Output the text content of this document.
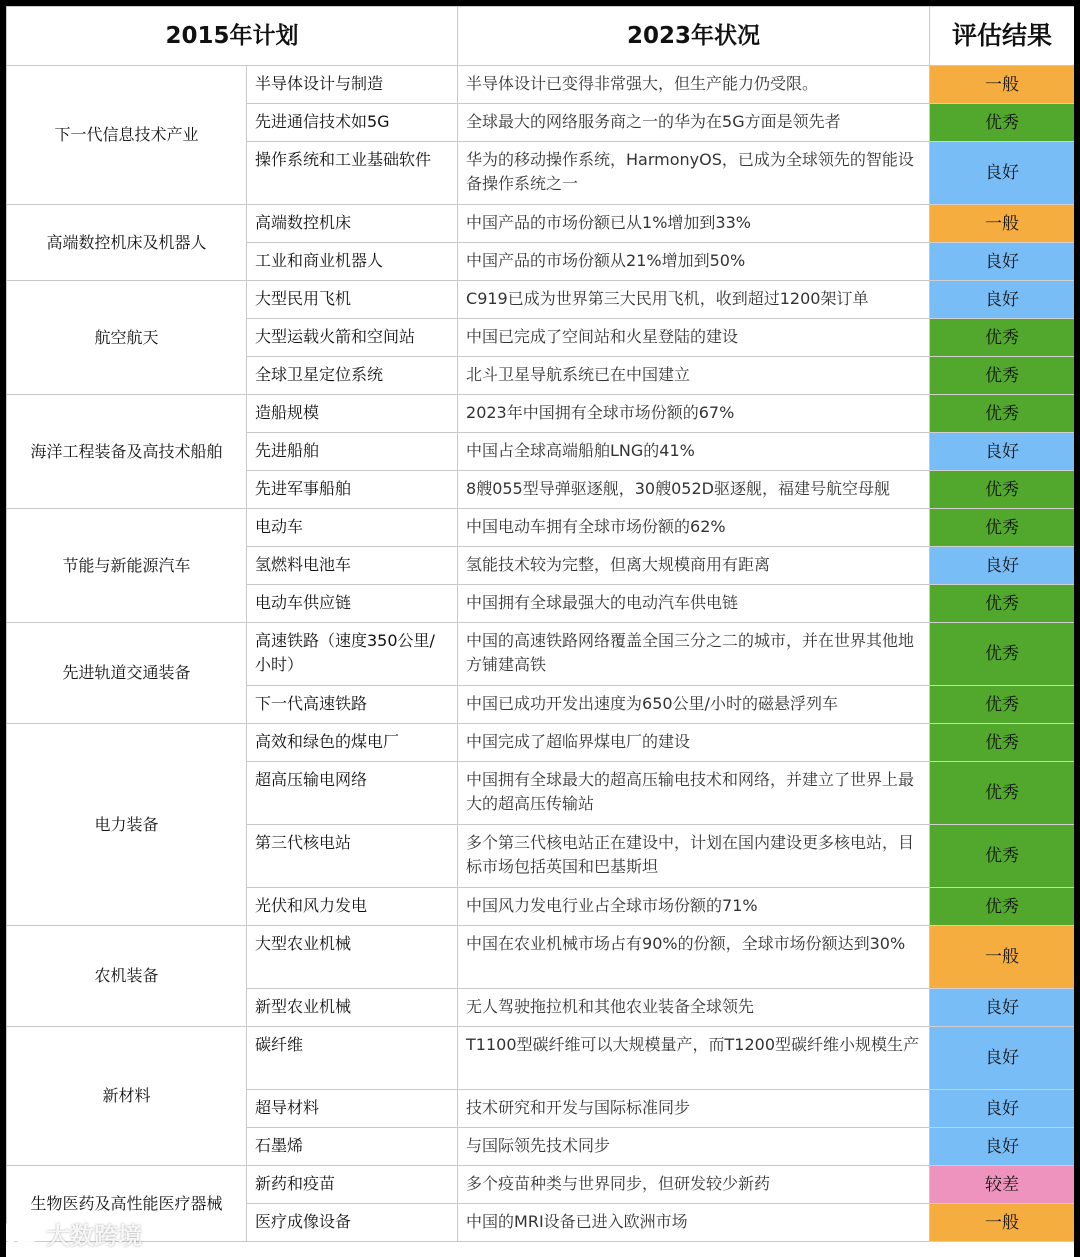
2015年计划		2023年状况	评估结果
下一代信息技术产业	半导体设计与制造	半导体设计已变得非常强大，但生产能力仍受限。	一般
	先进通信技术如5G	全球最大的网络服务商之一的华为在5G方面是领先者	优秀
	操作系统和工业基础软件	华为的移动操作系统，HarmonyOS，已成为全球领先的智能设备操作系统之一	良好
高端数控机床及机器人	高端数控机床	中国产品的市场份额已从1%增加到33%	一般
	工业和商业机器人	中国产品的市场份额从21%增加到50%	良好
航空航天	大型民用飞机	C919已成为世界第三大民用飞机，收到超过1200架订单	良好
	大型运载火箭和空间站	中国已完成了空间站和火星登陆的建设	优秀
	全球卫星定位系统	北斗卫星导航系统已在中国建立	优秀
海洋工程装备及高技术船舶	造船规模	2023年中国拥有全球市场份额的67%	优秀
	先进船舶	中国占全球高端船舶LNG的41%	良好
	先进军事船舶	8艘055型导弹驱逐舰，30艘052D驱逐舰，福建号航空母舰	优秀
节能与新能源汽车	电动车	中国电动车拥有全球市场份额的62%	优秀
	氢燃料电池车	氢能技术较为完整，但离大规模商用有距离	良好
	电动车供应链	中国拥有全球最强大的电动汽车供电链	优秀
先进轨道交通装备	高速铁路（速度350公里/小时）	中国的高速铁路网络覆盖全国三分之二的城市，并在世界其他地方铺建高铁	优秀
	下一代高速铁路	中国已成功开发出速度为650公里/小时的磁悬浮列车	优秀
电力装备	高效和绿色的煤电厂	中国完成了超临界煤电厂的建设	优秀
	超高压输电网络	中国拥有全球最大的超高压输电技术和网络，并建立了世界上最大的超高压传输站	优秀
	第三代核电站	多个第三代核电站正在建设中，计划在国内建设更多核电站，目标市场包括英国和巴基斯坦	优秀
	光伏和风力发电	中国风力发电行业占全球市场份额的71%	优秀
农机装备	大型农业机械	中国在农业机械市场占有90%的份额，全球市场份额达到30%	一般
	新型农业机械	无人驾驶拖拉机和其他农业装备全球领先	良好
新材料	碳纤维	T1100型碳纤维可以大规模量产，而T1200型碳纤维小规模生产	良好
	超导材料	技术研究和开发与国际标准同步	良好
	石墨烯	与国际领先技术同步	良好
生物医药及高性能医疗器械	新药和疫苗	多个疫苗种类与世界同步，但研发较少新药	较差
	医疗成像设备	中国的MRI设备已进入欧洲市场	一般
大数跨境
